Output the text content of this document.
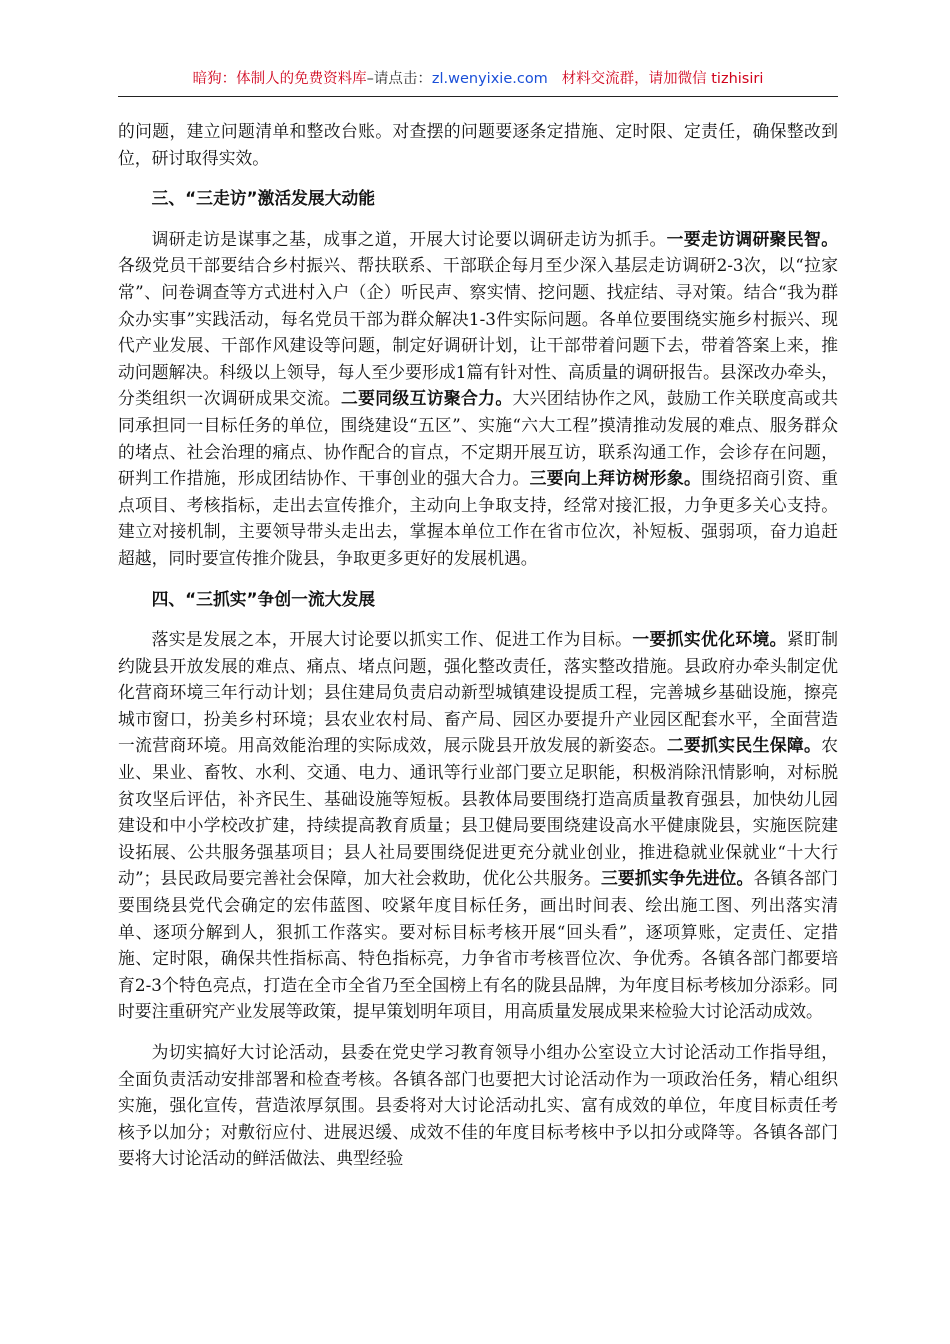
暗狗：体制人的免费资料库–请点击：zl.wenyixie.com 材料交流群，请加微信 tizhisiri

的问题，建立问题清单和整改台账。对查摆的问题要逐条定措施、定时限、定责任，确保整改到位，研讨取得实效。

三、“三走访”激活发展大动能

调研走访是谋事之基，成事之道，开展大讨论要以调研走访为抓手。一要走访调研聚民智。各级党员干部要结合乡村振兴、帮扶联系、干部联企每月至少深入基层走访调研2-3次，以“拉家常”、问卷调查等方式进村入户（企）听民声、察实情、挖问题、找症结、寻对策。结合“我为群众办实事”实践活动，每名党员干部为群众解决1-3件实际问题。各单位要围绕实施乡村振兴、现代产业发展、干部作风建设等问题，制定好调研计划，让干部带着问题下去，带着答案上来，推动问题解决。科级以上领导，每人至少要形成1篇有针对性、高质量的调研报告。县深改办牵头，分类组织一次调研成果交流。二要同级互访聚合力。大兴团结协作之风，鼓励工作关联度高或共同承担同一目标任务的单位，围绕建设“五区”、实施“六大工程”摸清推动发展的难点、服务群众的堵点、社会治理的痛点、协作配合的盲点，不定期开展互访，联系沟通工作，会诊存在问题，研判工作措施，形成团结协作、干事创业的强大合力。三要向上拜访树形象。围绕招商引资、重点项目、考核指标，走出去宣传推介，主动向上争取支持，经常对接汇报，力争更多关心支持。建立对接机制，主要领导带头走出去，掌握本单位工作在省市位次，补短板、强弱项，奋力追赶超越，同时要宣传推介陇县，争取更多更好的发展机遇。

四、“三抓实”争创一流大发展

落实是发展之本，开展大讨论要以抓实工作、促进工作为目标。一要抓实优化环境。紧盯制约陇县开放发展的难点、痛点、堵点问题，强化整改责任，落实整改措施。县政府办牵头制定优化营商环境三年行动计划；县住建局负责启动新型城镇建设提质工程，完善城乡基础设施，擦亮城市窗口，扮美乡村环境；县农业农村局、畜产局、园区办要提升产业园区配套水平，全面营造一流营商环境。用高效能治理的实际成效，展示陇县开放发展的新姿态。二要抓实民生保障。农业、果业、畜牧、水利、交通、电力、通讯等行业部门要立足职能，积极消除汛情影响，对标脱贫攻坚后评估，补齐民生、基础设施等短板。县教体局要围绕打造高质量教育强县，加快幼儿园建设和中小学校改扩建，持续提高教育质量；县卫健局要围绕建设高水平健康陇县，实施医院建设拓展、公共服务强基项目；县人社局要围绕促进更充分就业创业，推进稳就业保就业“十大行动”；县民政局要完善社会保障，加大社会救助，优化公共服务。三要抓实争先进位。各镇各部门要围绕县党代会确定的宏伟蓝图、咬紧年度目标任务，画出时间表、绘出施工图、列出落实清单、逐项分解到人，狠抓工作落实。要对标目标考核开展“回头看”，逐项算账，定责任、定措施、定时限，确保共性指标高、特色指标亮，力争省市考核晋位次、争优秀。各镇各部门都要培育2-3个特色亮点，打造在全市全省乃至全国榜上有名的陇县品牌，为年度目标考核加分添彩。同时要注重研究产业发展等政策，提早策划明年项目，用高质量发展成果来检验大讨论活动成效。

为切实搞好大讨论活动，县委在党史学习教育领导小组办公室设立大讨论活动工作指导组，全面负责活动安排部署和检查考核。各镇各部门也要把大讨论活动作为一项政治任务，精心组织实施，强化宣传，营造浓厚氛围。县委将对大讨论活动扎实、富有成效的单位，年度目标责任考核予以加分；对敷衍应付、进展迟缓、成效不佳的年度目标考核中予以扣分或降等。各镇各部门要将大讨论活动的鲜活做法、典型经验
